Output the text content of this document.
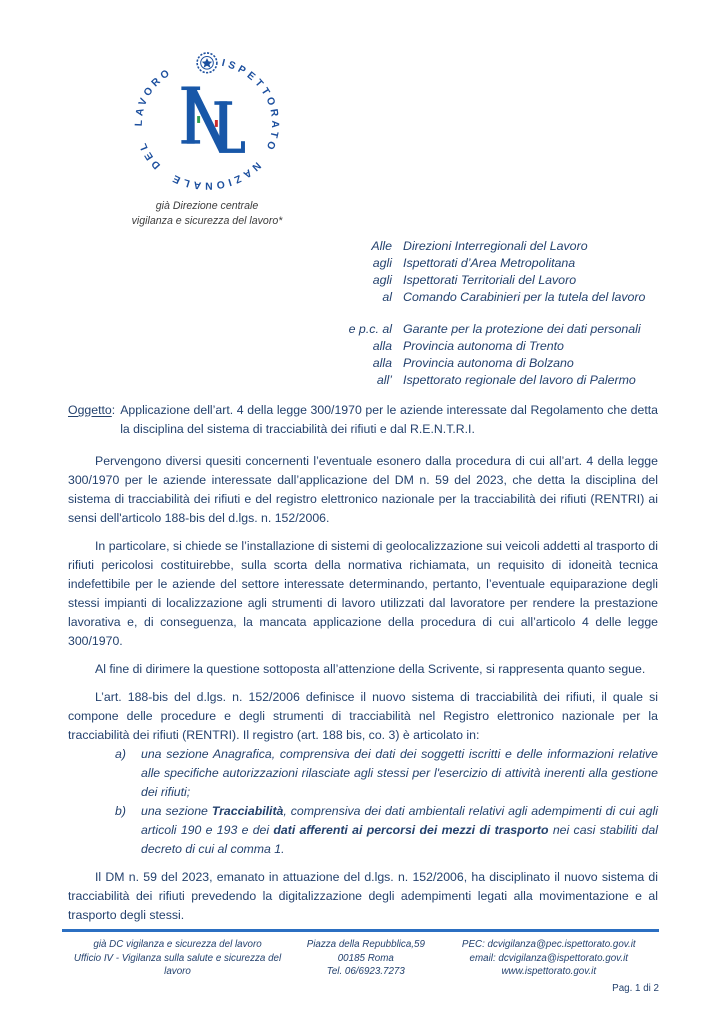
ISPETTORATO NAZIONALE DEL LAVORO
già Direzione centrale
vigilanza e sicurezza del lavoro*
Alle Direzioni Interregionali del Lavoro
agli Ispettorati d’Area Metropolitana
agli Ispettorati Territoriali del Lavoro
al Comando Carabinieri per la tutela del lavoro
e p.c. al Garante per la protezione dei dati personali
alla Provincia autonoma di Trento
alla Provincia autonoma di Bolzano
all’ Ispettorato regionale del lavoro di Palermo
Oggetto: Applicazione dell’art. 4 della legge 300/1970 per le aziende interessate dal Regolamento che detta la disciplina del sistema di tracciabilità dei rifiuti e dal R.E.N.T.R.I.

Pervengono diversi quesiti concernenti l’eventuale esonero dalla procedura di cui all’art. 4 della legge 300/1970 per le aziende interessate dall’applicazione del DM n. 59 del 2023, che detta la disciplina del sistema di tracciabilità dei rifiuti e del registro elettronico nazionale per la tracciabilità dei rifiuti (RENTRI) ai sensi dell'articolo 188-bis del d.lgs. n. 152/2006.

In particolare, si chiede se l’installazione di sistemi di geolocalizzazione sui veicoli addetti al trasporto di rifiuti pericolosi costituirebbe, sulla scorta della normativa richiamata, un requisito di idoneità tecnica indefettibile per le aziende del settore interessate determinando, pertanto, l’eventuale equiparazione degli stessi impianti di localizzazione agli strumenti di lavoro utilizzati dal lavoratore per rendere la prestazione lavorativa e, di conseguenza, la mancata applicazione della procedura di cui all’articolo 4 delle legge 300/1970.

Al fine di dirimere la questione sottoposta all’attenzione della Scrivente, si rappresenta quanto segue.

L’art. 188-bis del d.lgs. n. 152/2006 definisce il nuovo sistema di tracciabilità dei rifiuti, il quale si compone delle procedure e degli strumenti di tracciabilità nel Registro elettronico nazionale per la tracciabilità dei rifiuti (RENTRI). Il registro (art. 188 bis, co. 3) è articolato in:

a)	una sezione Anagrafica, comprensiva dei dati dei soggetti iscritti e delle informazioni relative alle specifiche autorizzazioni rilasciate agli stessi per l'esercizio di attività inerenti alla gestione dei rifiuti;
b)	una sezione Tracciabilità, comprensiva dei dati ambientali relativi agli adempimenti di cui agli articoli 190 e 193 e dei dati afferenti ai percorsi dei mezzi di trasporto nei casi stabiliti dal decreto di cui al comma 1.

Il DM n. 59 del 2023, emanato in attuazione del d.lgs. n. 152/2006, ha disciplinato il nuovo sistema di tracciabilità dei rifiuti prevedendo la digitalizzazione degli adempimenti legati alla movimentazione e al trasporto degli stessi.

già DC vigilanza e sicurezza del lavoro
Ufficio IV - Vigilanza sulla salute e sicurezza del lavoro
Piazza della Repubblica,59
00185 Roma
Tel. 06/6923.7273
PEC: dcvigilanza@pec.ispettorato.gov.it
email: dcvigilanza@ispettorato.gov.it
www.ispettorato.gov.it
Pag. 1 di 2
